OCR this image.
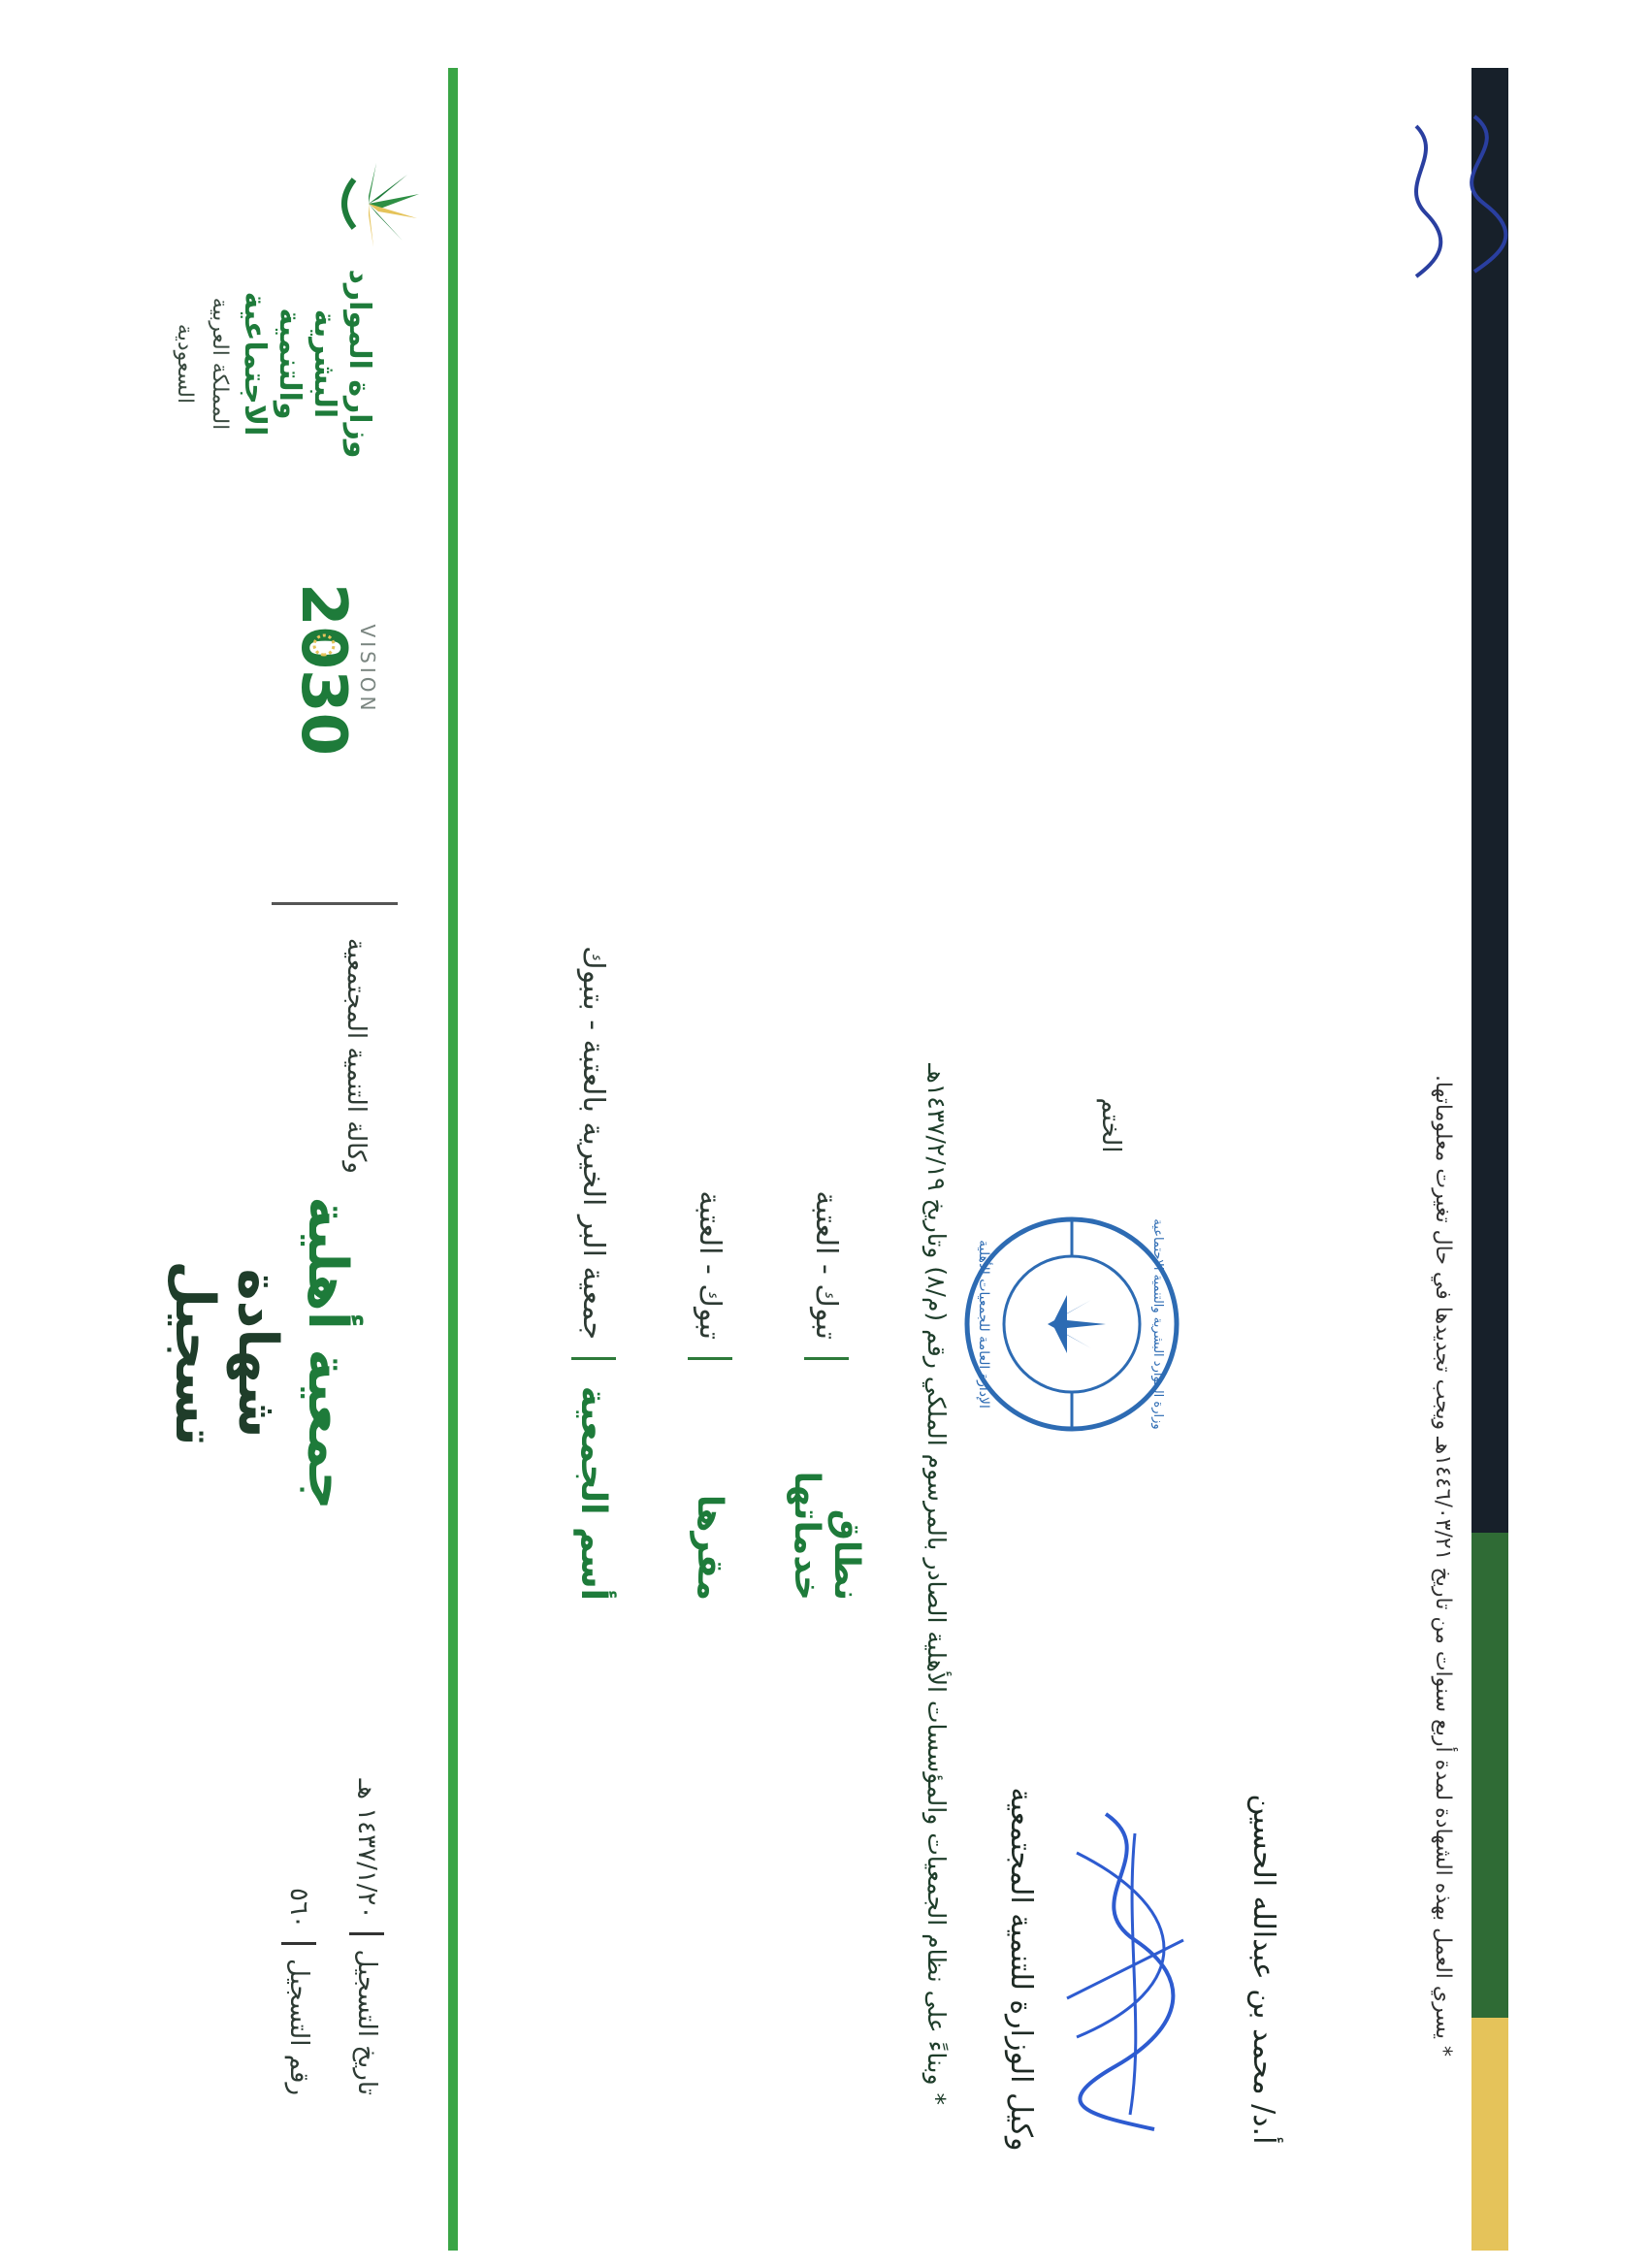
وزارة الموارد البشرية
والتنمية الاجتماعية
المملكة العربية السعودية
VISION
2030
وكالة التنمية المجتمعية
شهادة تسجيل	جمعية أهلية
رقم التسجيل
٥٦٠
تاريخ التسجيل
١٤٣٧/١/٢٠ هـ
أسم الجمعية
جمعية البر الخيرية بالعتبة - بتبوك
مقرها
تبوك - العتبة
نطاق خدماتها
تبوك - العتبة
* وبناءً على نظام الجمعيات والمؤسسات الأهلية الصادر بالمرسوم الملكي رقم (م/٨) وتاريخ ١٤٣٧/٢/١٩هـ
الختم
وزارة الموارد البشرية والتنمية الاجتماعية
الإدارة العامة للجمعيات الأهلية
وكيل الوزارة للتنمية المجتمعية	أ.د/ محمد بن عبدالله الحسين
* يسري العمل بهذه الشهادة لمدة أربع سنوات من تاريخ ١٤٤٦/٠٣/٢١هـ ويجب تجديدها في حال تغيرت معلوماتها.
